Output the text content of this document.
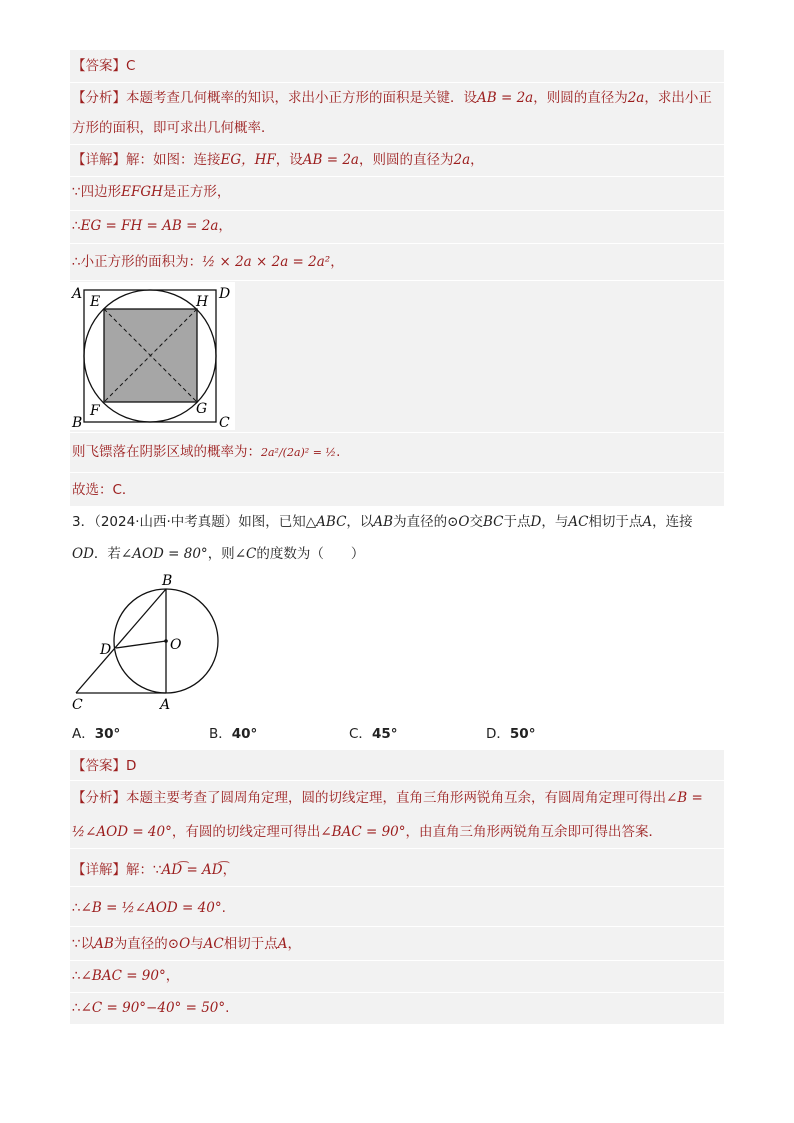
【答案】C
【分析】本题考查几何概率的知识，求出小正方形的面积是关键．设AB = 2a，则圆的直径为2a，求出小正
方形的面积，即可求出几何概率．
【详解】解：如图：连接EG，HF，设AB = 2a，则圆的直径为2a，
∵四边形EFGH是正方形，
∴EG = FH = AB = 2a，
∴小正方形的面积为：½ × 2a × 2a = 2a²，
A	D
B	C
E	H
F	G
则飞镖落在阴影区域的概率为：2a²/(2a)² = ½.
故选：C．
3．（2024·山西·中考真题）如图，已知△ABC，以AB为直径的⊙O交BC于点D，与AC相切于点A，连接
OD．若∠AOD = 80°，则∠C的度数为（　　）
B
O
D
C	A
A．30°	B．40°	C．45°	D．50°
【答案】D
【分析】本题主要考查了圆周角定理，圆的切线定理，直角三角形两锐角互余，有圆周角定理可得出∠B =
½∠AOD = 40°，有圆的切线定理可得出∠BAC = 90°，由直角三角形两锐角互余即可得出答案．
【详解】解：∵AD͡ = AD͡，
∴∠B = ½∠AOD = 40°.
∵以AB为直径的⊙O与AC相切于点A，
∴∠BAC = 90°，
∴∠C = 90°−40° = 50°.
